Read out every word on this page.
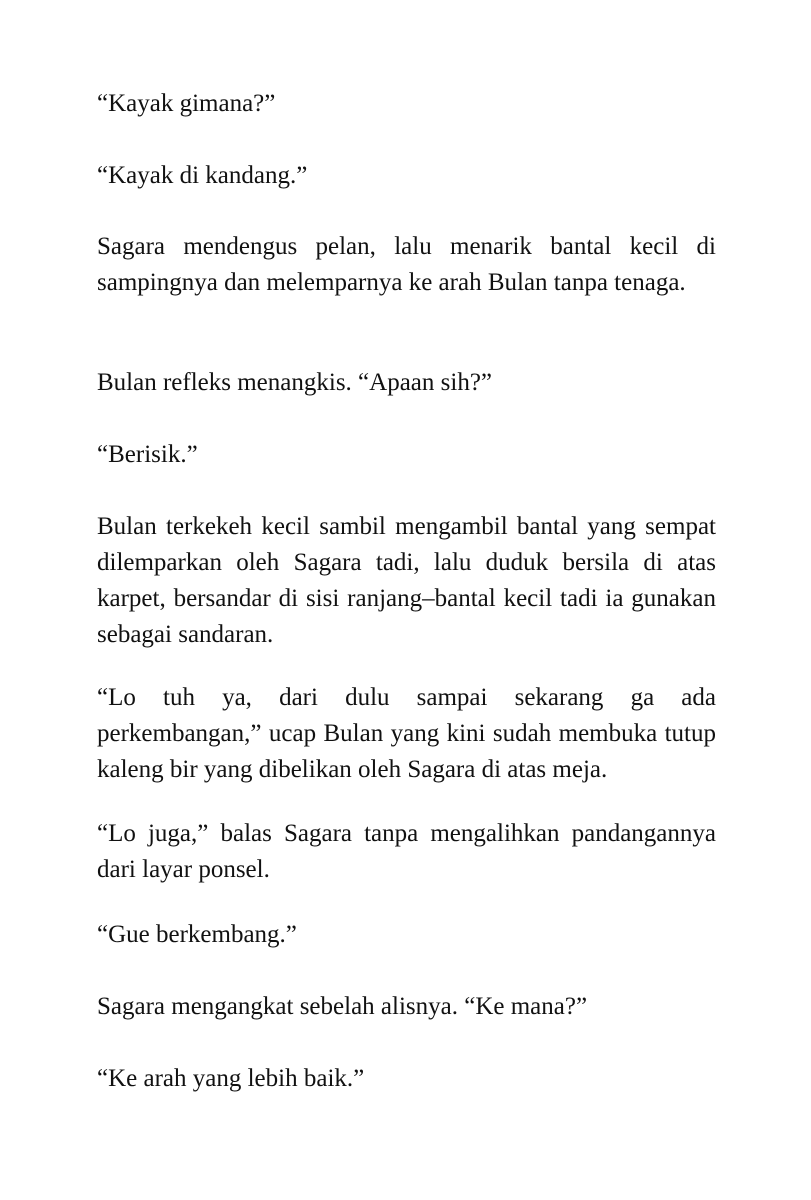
“Kayak gimana?”

“Kayak di kandang.”

Sagara mendengus pelan, lalu menarik bantal kecil di sampingnya dan melemparnya ke arah Bulan tanpa tenaga.

Bulan refleks menangkis. “Apaan sih?”

“Berisik.”

Bulan terkekeh kecil sambil mengambil bantal yang sempat dilemparkan oleh Sagara tadi, lalu duduk bersila di atas karpet, bersandar di sisi ranjang–bantal kecil tadi ia gunakan sebagai sandaran.

“Lo tuh ya, dari dulu sampai sekarang ga ada perkembangan,” ucap Bulan yang kini sudah membuka tutup kaleng bir yang dibelikan oleh Sagara di atas meja.

“Lo juga,” balas Sagara tanpa mengalihkan pandangannya dari layar ponsel.

“Gue berkembang.”

Sagara mengangkat sebelah alisnya. “Ke mana?”

“Ke arah yang lebih baik.”
